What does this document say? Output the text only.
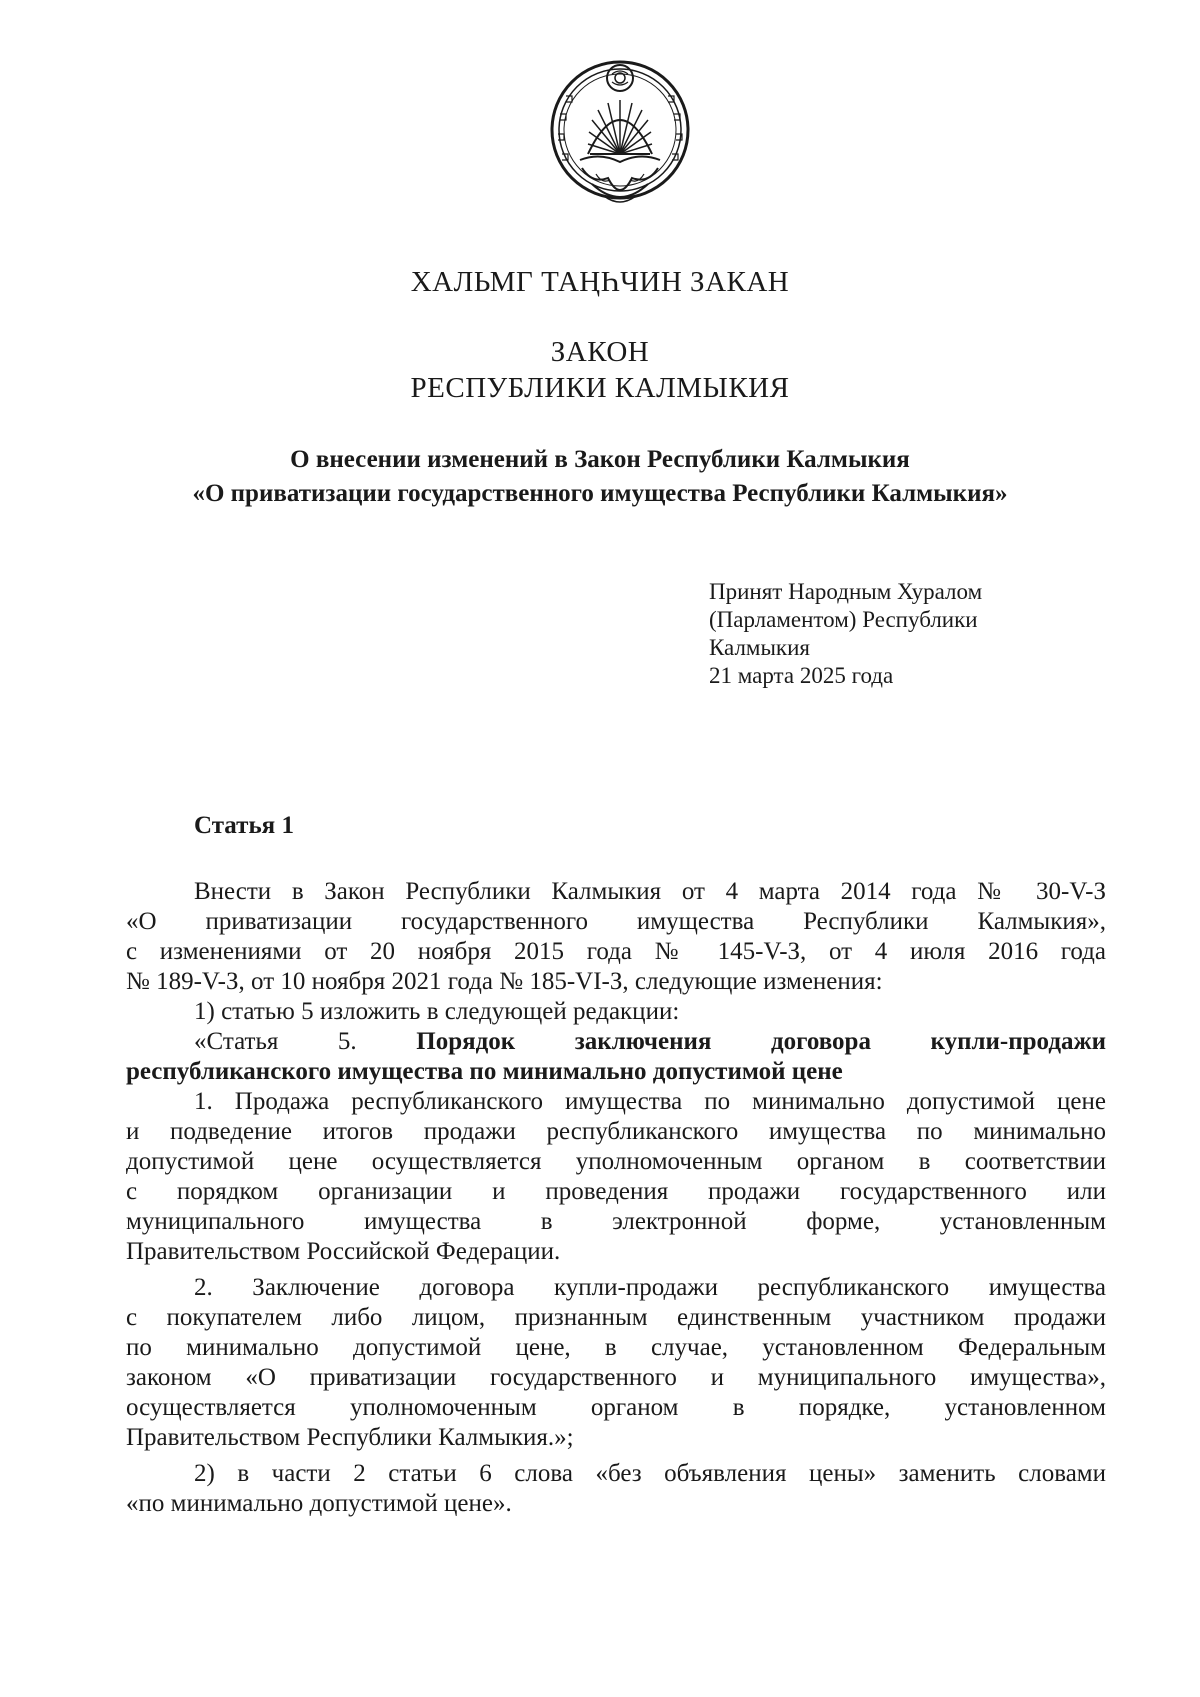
ХАЛЬМГ ТАҢҺЧИН ЗАКАН
ЗАКОН
РЕСПУБЛИКИ КАЛМЫКИЯ
О внесении изменений в Закон Республики Калмыкия
«О приватизации государственного имущества Республики Калмыкия»
Принят Народным Хуралом
(Парламентом) Республики
Калмыкия
21 марта 2025 года
Статья 1
Внести в Закон Республики Калмыкия от 4 марта 2014 года № 30-V-З
«О приватизации государственного имущества Республики Калмыкия»,
с изменениями от 20 ноября 2015 года № 145-V-З, от 4 июля 2016 года
№ 189-V-З, от 10 ноября 2021 года № 185-VI-З, следующие изменения:
1) статью 5 изложить в следующей редакции:
«Статья 5. Порядок заключения договора купли-продажи
республиканского имущества по минимально допустимой цене
1. Продажа республиканского имущества по минимально допустимой цене
и подведение итогов продажи республиканского имущества по минимально
допустимой цене осуществляется уполномоченным органом в соответствии
с порядком организации и проведения продажи государственного или
муниципального имущества в электронной форме, установленным
Правительством Российской Федерации.
2. Заключение договора купли-продажи республиканского имущества
с покупателем либо лицом, признанным единственным участником продажи
по минимально допустимой цене, в случае, установленном Федеральным
законом «О приватизации государственного и муниципального имущества»,
осуществляется уполномоченным органом в порядке, установленном
Правительством Республики Калмыкия.»;
2) в части 2 статьи 6 слова «без объявления цены» заменить словами
«по минимально допустимой цене».
